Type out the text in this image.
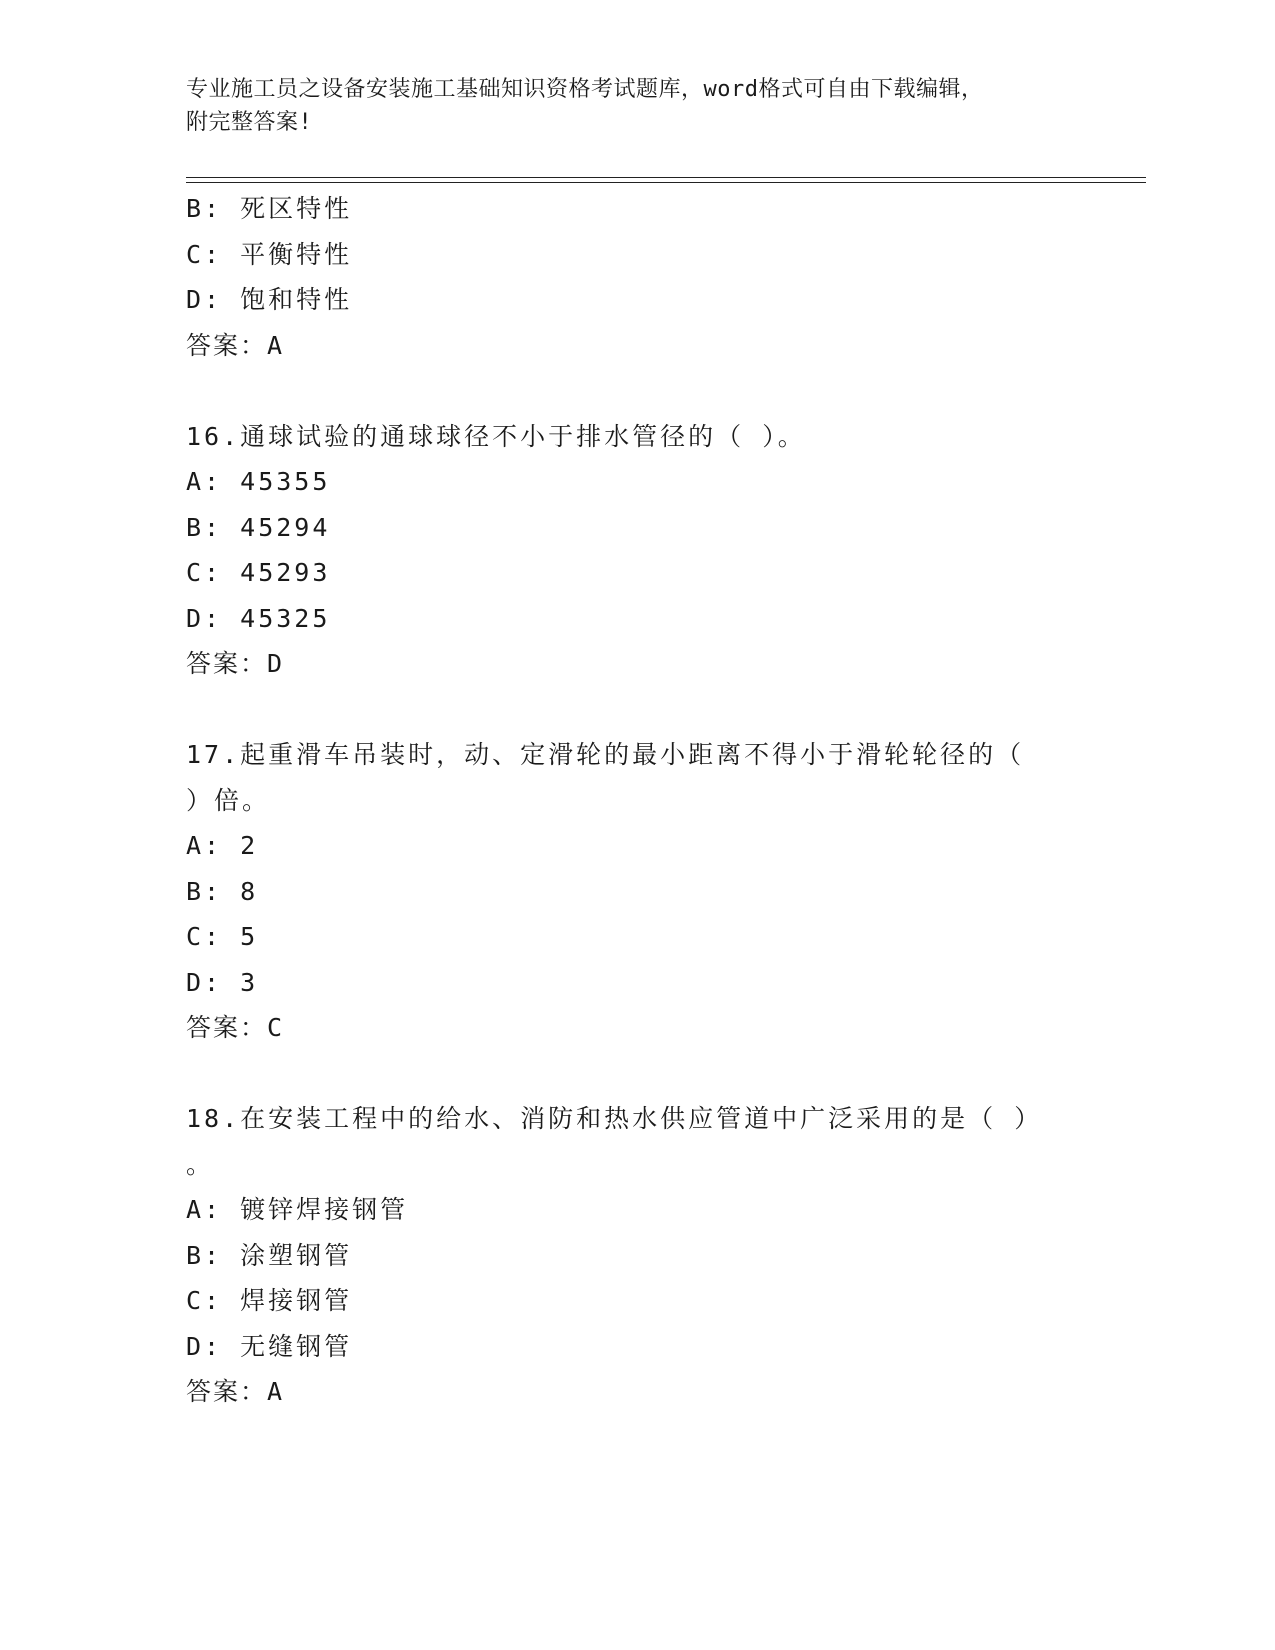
专业施工员之设备安装施工基础知识资格考试题库，word格式可自由下载编辑，
附完整答案!
B: 死区特性
C: 平衡特性
D: 饱和特性
答案：A
16.通球试验的通球球径不小于排水管径的（ ）。
A: 45355
B: 45294
C: 45293
D: 45325
答案：D
17.起重滑车吊装时，动、定滑轮的最小距离不得小于滑轮轮径的（
）倍。
A: 2
B: 8
C: 5
D: 3
答案：C
18.在安装工程中的给水、消防和热水供应管道中广泛采用的是（ ）
。
A: 镀锌焊接钢管
B: 涂塑钢管
C: 焊接钢管
D: 无缝钢管
答案：A
